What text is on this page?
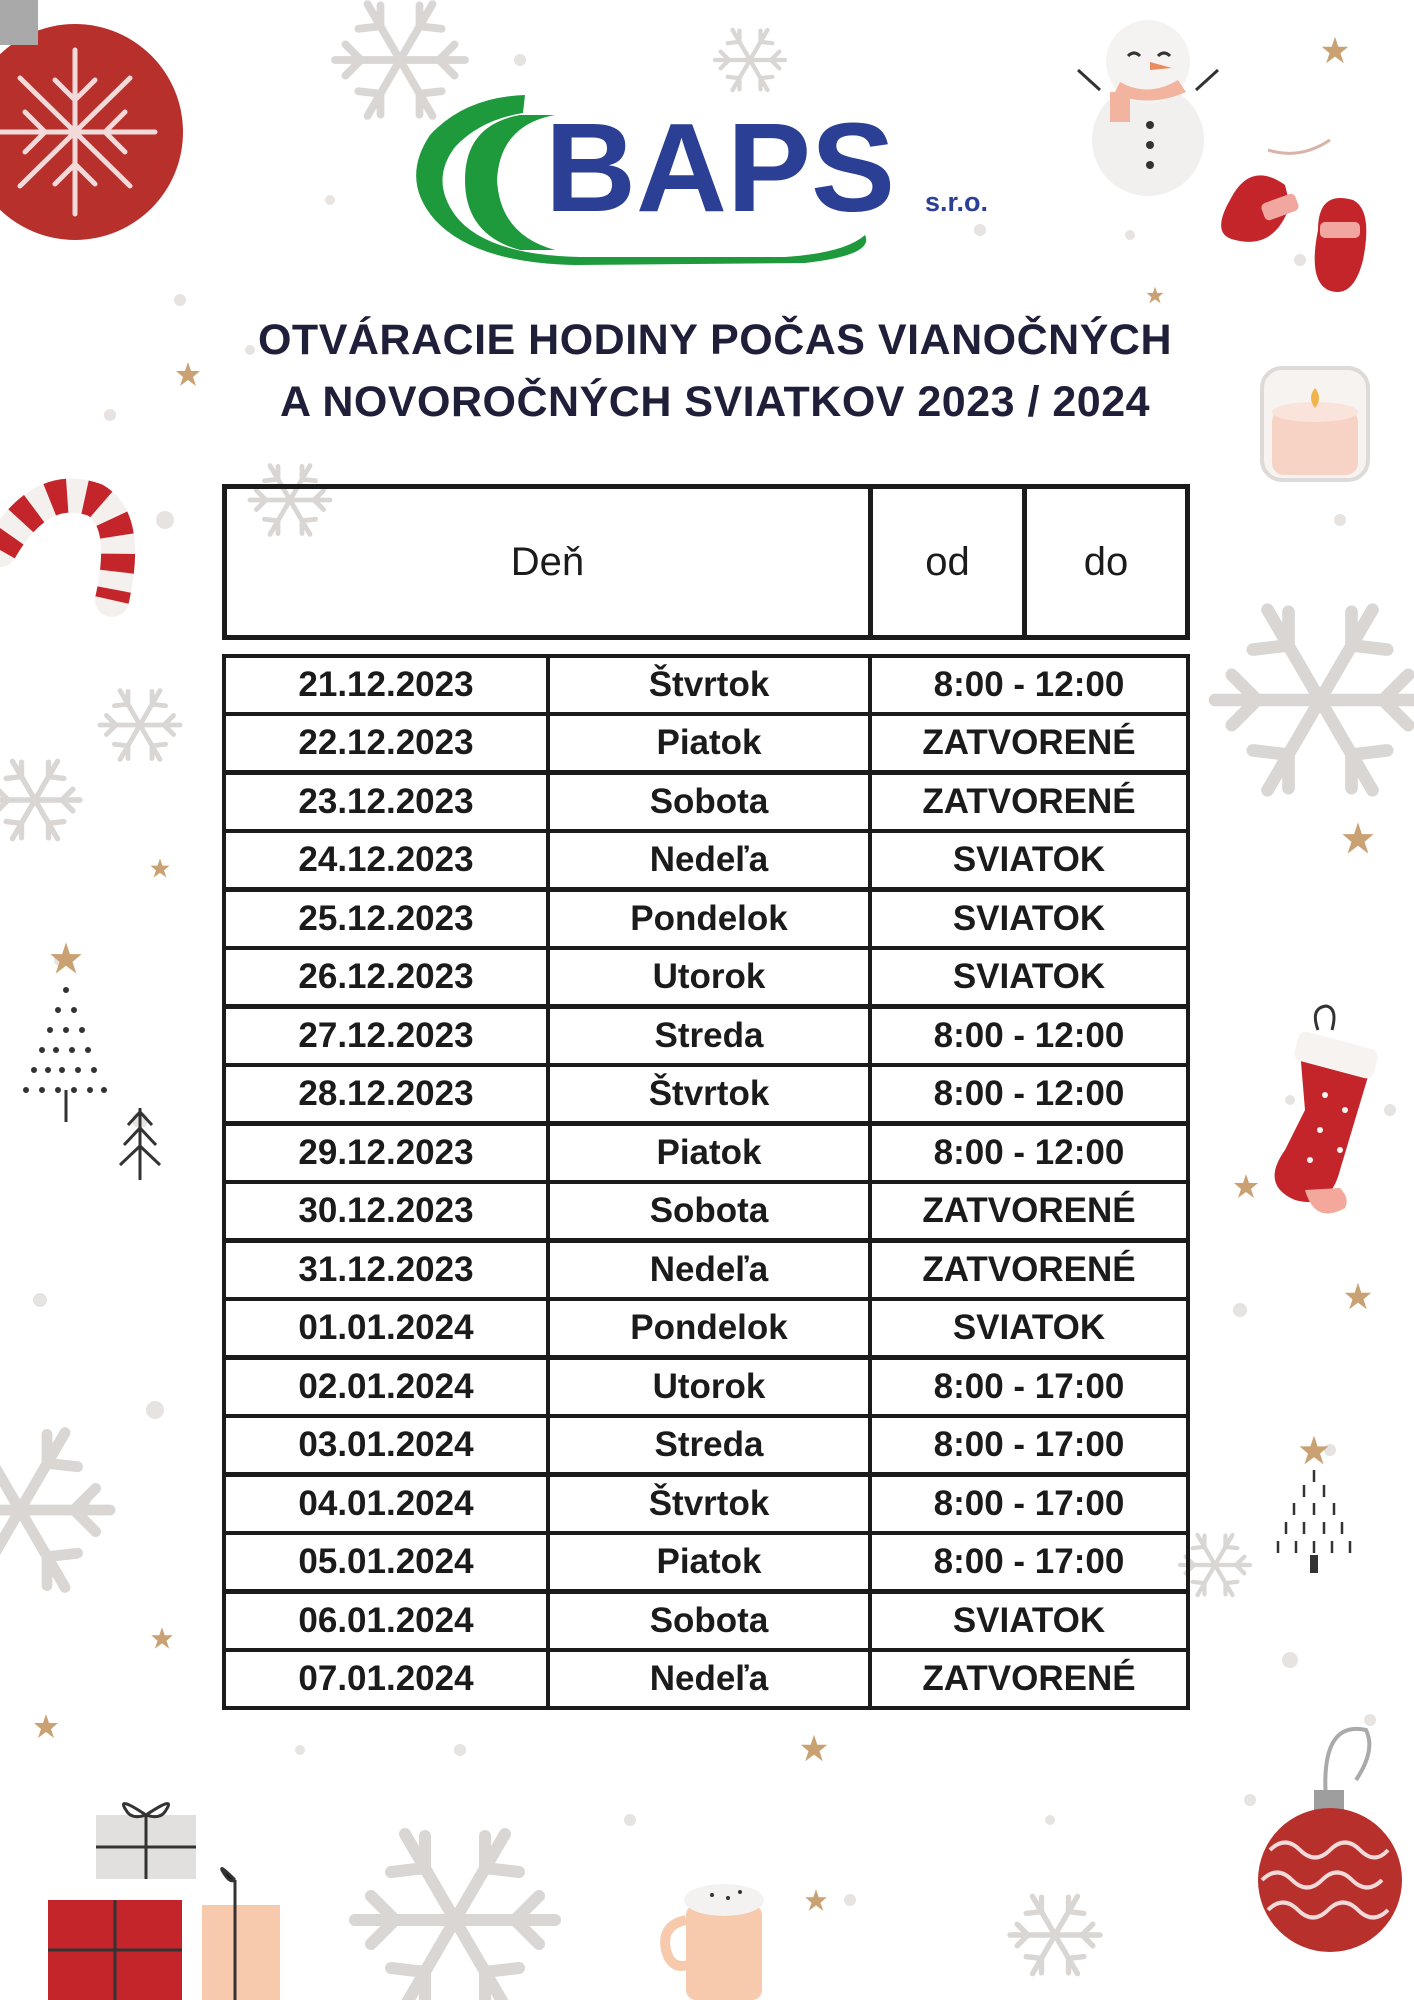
BAPS s.r.o.
OTVÁRACIE HODINY POČAS VIANOČNÝCH
A NOVOROČNÝCH SVIATKOV 2023 / 2024
Deň	od	do
21.12.2023	Štvrtok	8:00 - 12:00
22.12.2023	Piatok	ZATVORENÉ
23.12.2023	Sobota	ZATVORENÉ
24.12.2023	Nedeľa	SVIATOK
25.12.2023	Pondelok	SVIATOK
26.12.2023	Utorok	SVIATOK
27.12.2023	Streda	8:00 - 12:00
28.12.2023	Štvrtok	8:00 - 12:00
29.12.2023	Piatok	8:00 - 12:00
30.12.2023	Sobota	ZATVORENÉ
31.12.2023	Nedeľa	ZATVORENÉ
01.01.2024	Pondelok	SVIATOK
02.01.2024	Utorok	8:00 - 17:00
03.01.2024	Streda	8:00 - 17:00
04.01.2024	Štvrtok	8:00 - 17:00
05.01.2024	Piatok	8:00 - 17:00
06.01.2024	Sobota	SVIATOK
07.01.2024	Nedeľa	ZATVORENÉ
